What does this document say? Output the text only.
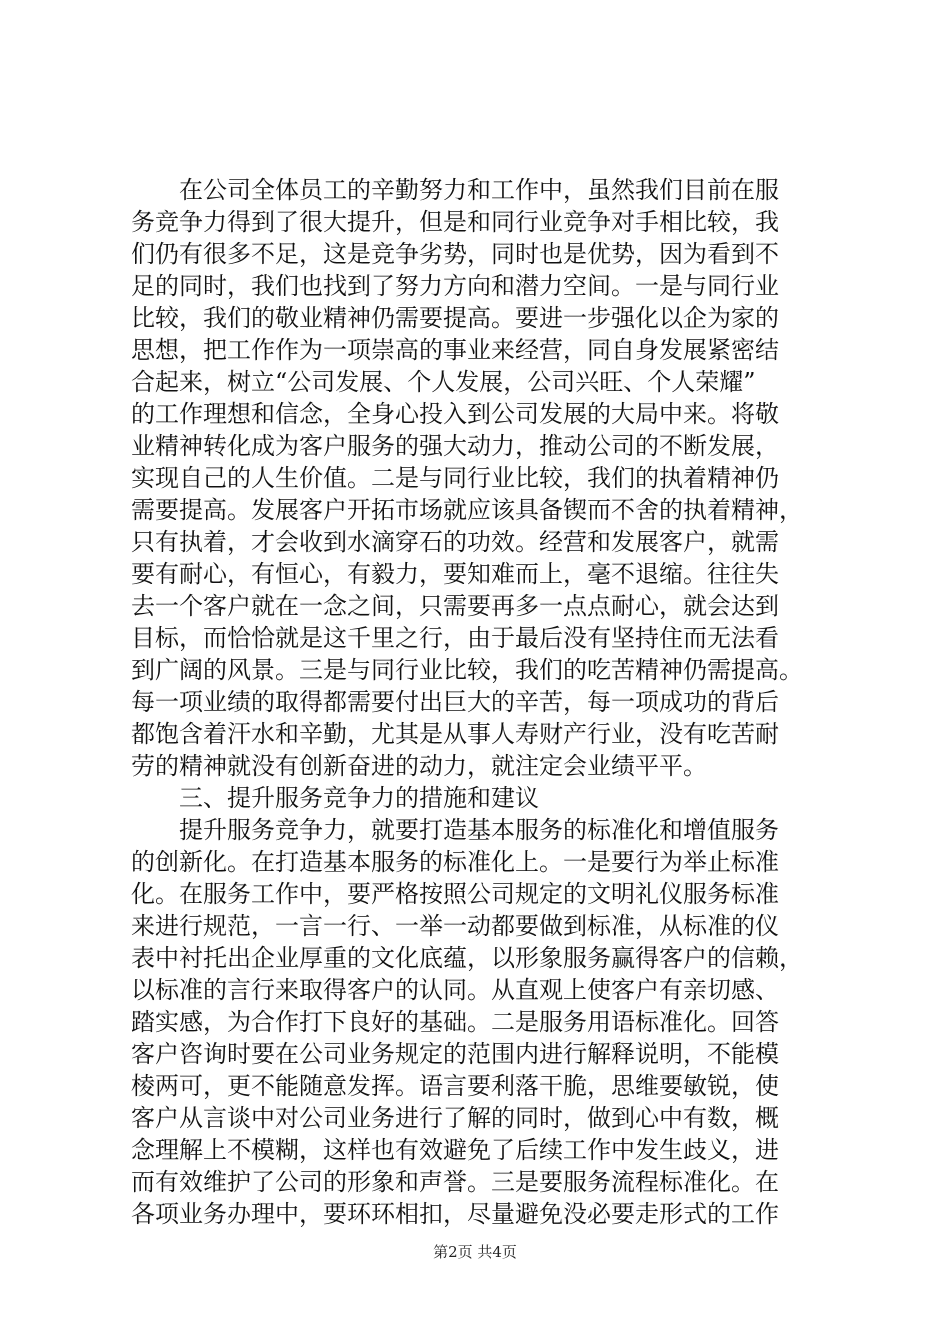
　　在公司全体员工的辛勤努力和工作中，虽然我们目前在服
务竞争力得到了很大提升，但是和同行业竞争对手相比较，我
们仍有很多不足，这是竞争劣势，同时也是优势，因为看到不
足的同时，我们也找到了努力方向和潜力空间。一是与同行业
比较，我们的敬业精神仍需要提高。要进一步强化以企为家的
思想，把工作作为一项崇高的事业来经营，同自身发展紧密结
合起来，树立“公司发展、个人发展，公司兴旺、个人荣耀”
的工作理想和信念，全身心投入到公司发展的大局中来。将敬
业精神转化成为客户服务的强大动力，推动公司的不断发展，
实现自己的人生价值。二是与同行业比较，我们的执着精神仍
需要提高。发展客户开拓市场就应该具备锲而不舍的执着精神，
只有执着，才会收到水滴穿石的功效。经营和发展客户，就需
要有耐心，有恒心，有毅力，要知难而上，毫不退缩。往往失
去一个客户就在一念之间，只需要再多一点点耐心，就会达到
目标，而恰恰就是这千里之行，由于最后没有坚持住而无法看
到广阔的风景。三是与同行业比较，我们的吃苦精神仍需提高。
每一项业绩的取得都需要付出巨大的辛苦，每一项成功的背后
都饱含着汗水和辛勤，尤其是从事人寿财产行业，没有吃苦耐
劳的精神就没有创新奋进的动力，就注定会业绩平平。
　　三、提升服务竞争力的措施和建议
　　提升服务竞争力，就要打造基本服务的标准化和增值服务
的创新化。在打造基本服务的标准化上。一是要行为举止标准
化。在服务工作中，要严格按照公司规定的文明礼仪服务标准
来进行规范，一言一行、一举一动都要做到标准，从标准的仪
表中衬托出企业厚重的文化底蕴，以形象服务赢得客户的信赖，
以标准的言行来取得客户的认同。从直观上使客户有亲切感、
踏实感，为合作打下良好的基础。二是服务用语标准化。回答
客户咨询时要在公司业务规定的范围内进行解释说明，不能模
棱两可，更不能随意发挥。语言要利落干脆，思维要敏锐，使
客户从言谈中对公司业务进行了解的同时，做到心中有数，概
念理解上不模糊，这样也有效避免了后续工作中发生歧义，进
而有效维护了公司的形象和声誉。三是要服务流程标准化。在
各项业务办理中，要环环相扣，尽量避免没必要走形式的工作
第2页 共4页
